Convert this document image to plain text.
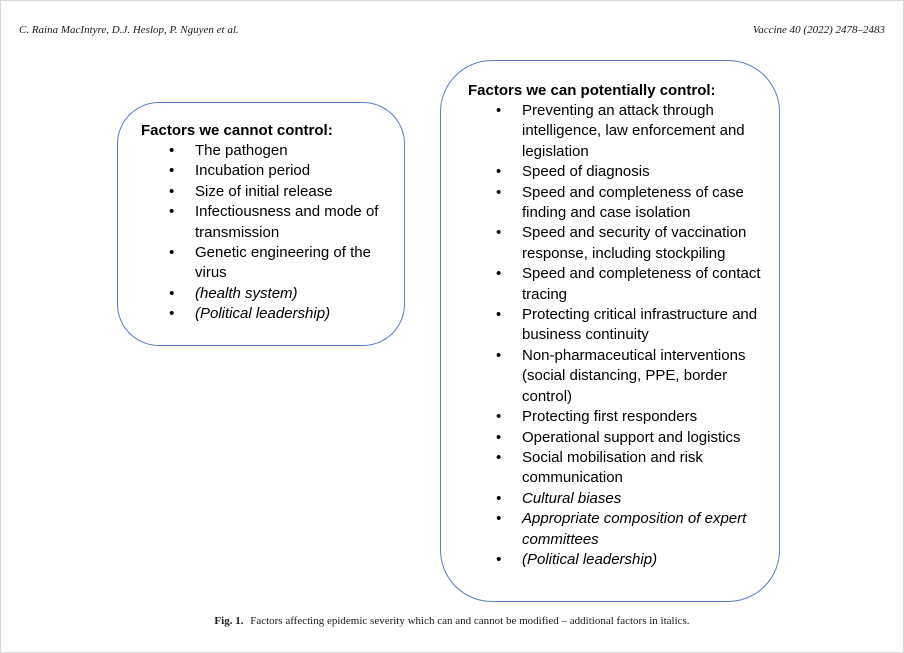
C. Raina MacIntyre, D.J. Heslop, P. Nguyen et al.	Vaccine 40 (2022) 2478–2483

Factors we cannot control:

• The pathogen
• Incubation period
• Size of initial release
• Infectiousness and mode of transmission
• Genetic engineering of the virus
• (health system)
• (Political leadership)

Factors we can potentially control:

• Preventing an attack through intelligence, law enforcement and legislation
• Speed of diagnosis
• Speed and completeness of case finding and case isolation
• Speed and security of vaccination response, including stockpiling
• Speed and completeness of contact tracing
• Protecting critical infrastructure and business continuity
• Non-pharmaceutical interventions (social distancing, PPE, border control)
• Protecting first responders
• Operational support and logistics
• Social mobilisation and risk communication
• Cultural biases
• Appropriate composition of expert committees
• (Political leadership)
Fig. 1. Factors affecting epidemic severity which can and cannot be modified – additional factors in italics.
